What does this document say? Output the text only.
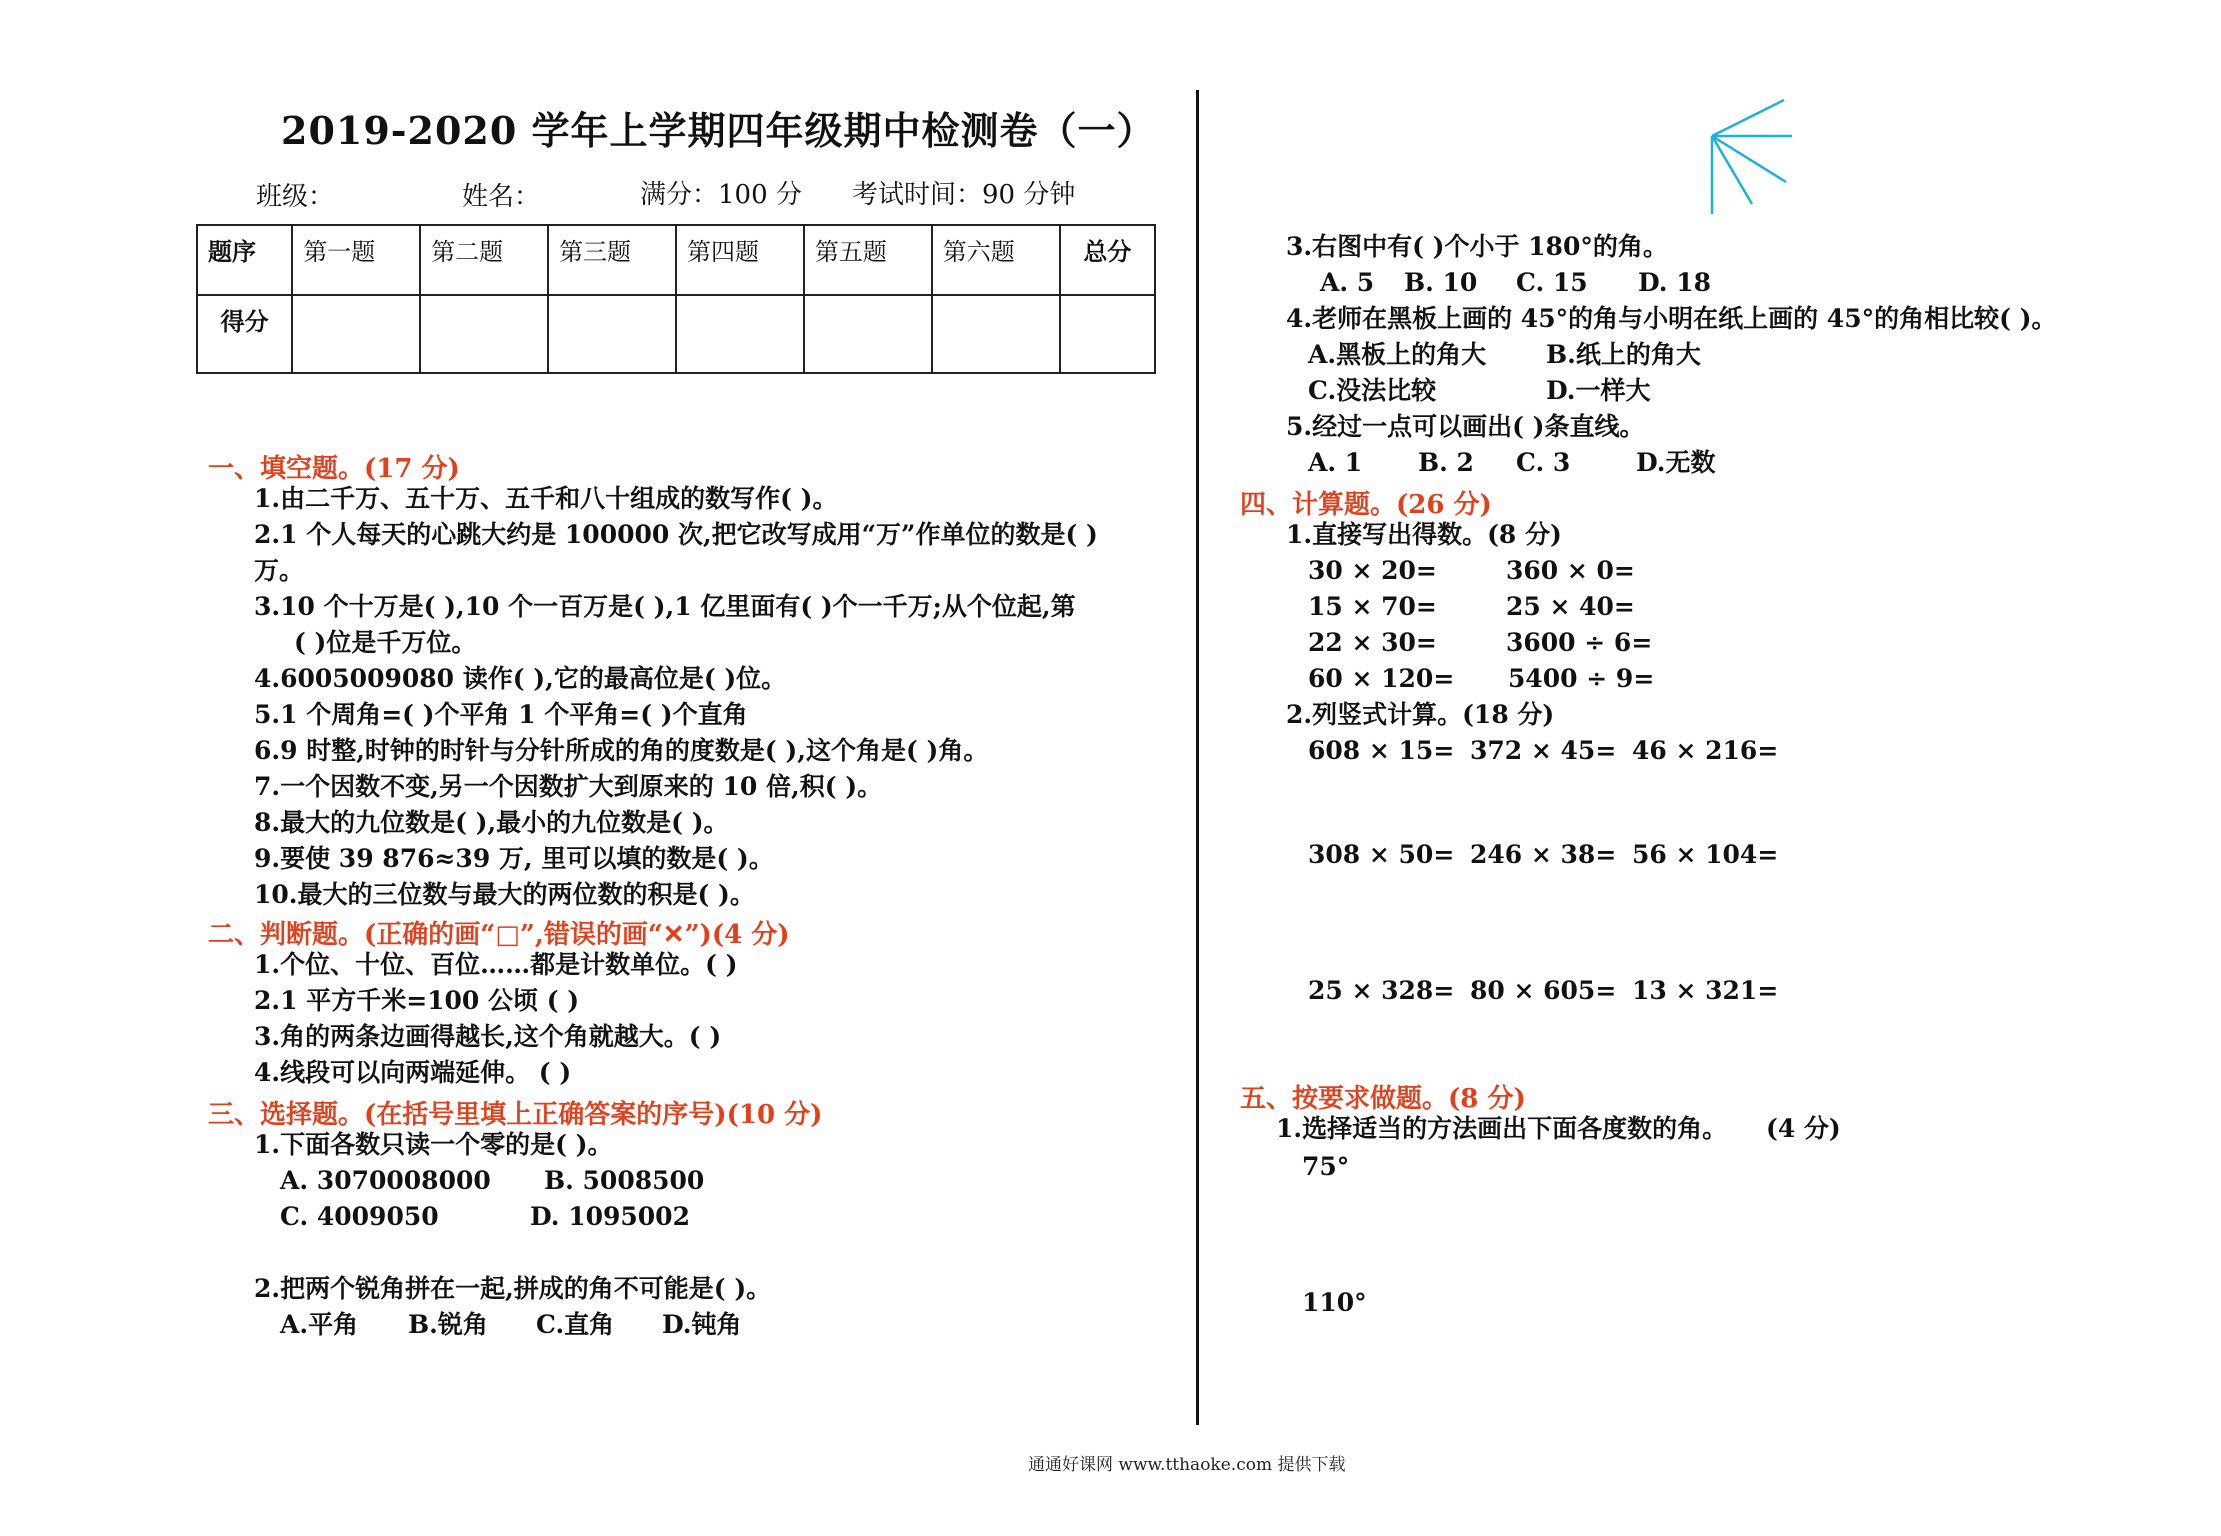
2019-2020 学年上学期四年级期中检测卷（一）
班级：	姓名：	满分：100 分 考试时间：90 分钟
题序	第一题	第二题	第三题	第四题	第五题	第六题	总分
得分							
一、填空题。(17 分)
1.由二千万、五十万、五千和八十组成的数写作( )。
2.1 个人每天的心跳大约是 100000 次,把它改写成用“万”作单位的数是( )
万。
3.10 个十万是( ),10 个一百万是( ),1 亿里面有( )个一千万;从个位起,第
( )位是千万位。
4.6005009080 读作( ),它的最高位是( )位。
5.1 个周角=( )个平角 1 个平角=( )个直角
6.9 时整,时钟的时针与分针所成的角的度数是( ),这个角是( )角。
7.一个因数不变,另一个因数扩大到原来的 10 倍,积( )。
8.最大的九位数是( ),最小的九位数是( )。
9.要使 39 876≈39 万, 里可以填的数是( )。
10.最大的三位数与最大的两位数的积是( )。
二、判断题。(正确的画“□”,错误的画“✕”)(4 分)
1.个位、十位、百位……都是计数单位。( )
2.1 平方千米=100 公顷 ( )
3.角的两条边画得越长,这个角就越大。( )
4.线段可以向两端延伸。 ( )
三、选择题。(在括号里填上正确答案的序号)(10 分)
1.下面各数只读一个零的是( )。
A. 3070008000 B. 5008500
C. 4009050	D. 1095002
2.把两个锐角拼在一起,拼成的角不可能是( )。
A.平角 B.锐角 C.直角 D.钝角
3.右图中有( )个小于 180°的角。
A. 5 B. 10 C. 15 D. 18
4.老师在黑板上画的 45°的角与小明在纸上画的 45°的角相比较( )。
A.黑板上的角大 B.纸上的角大
C.没法比较	D.一样大
5.经过一点可以画出( )条直线。
A. 1 B. 2 C. 3	D.无数
四、计算题。(26 分)
1.直接写出得数。(8 分)
30 × 20=	360 × 0=
15 × 70=	25 × 40=
22 × 30=	3600 ÷ 6=
60 × 120= 5400 ÷ 9=
2.列竖式计算。(18 分)
608 × 15= 372 × 45= 46 × 216=
308 × 50= 246 × 38= 56 × 104=
25 × 328= 80 × 605= 13 × 321=
五、按要求做题。(8 分)
1.选择适当的方法画出下面各度数的角。 (4 分)
75°
110°
通通好课网 www.tthaoke.com 提供下载
